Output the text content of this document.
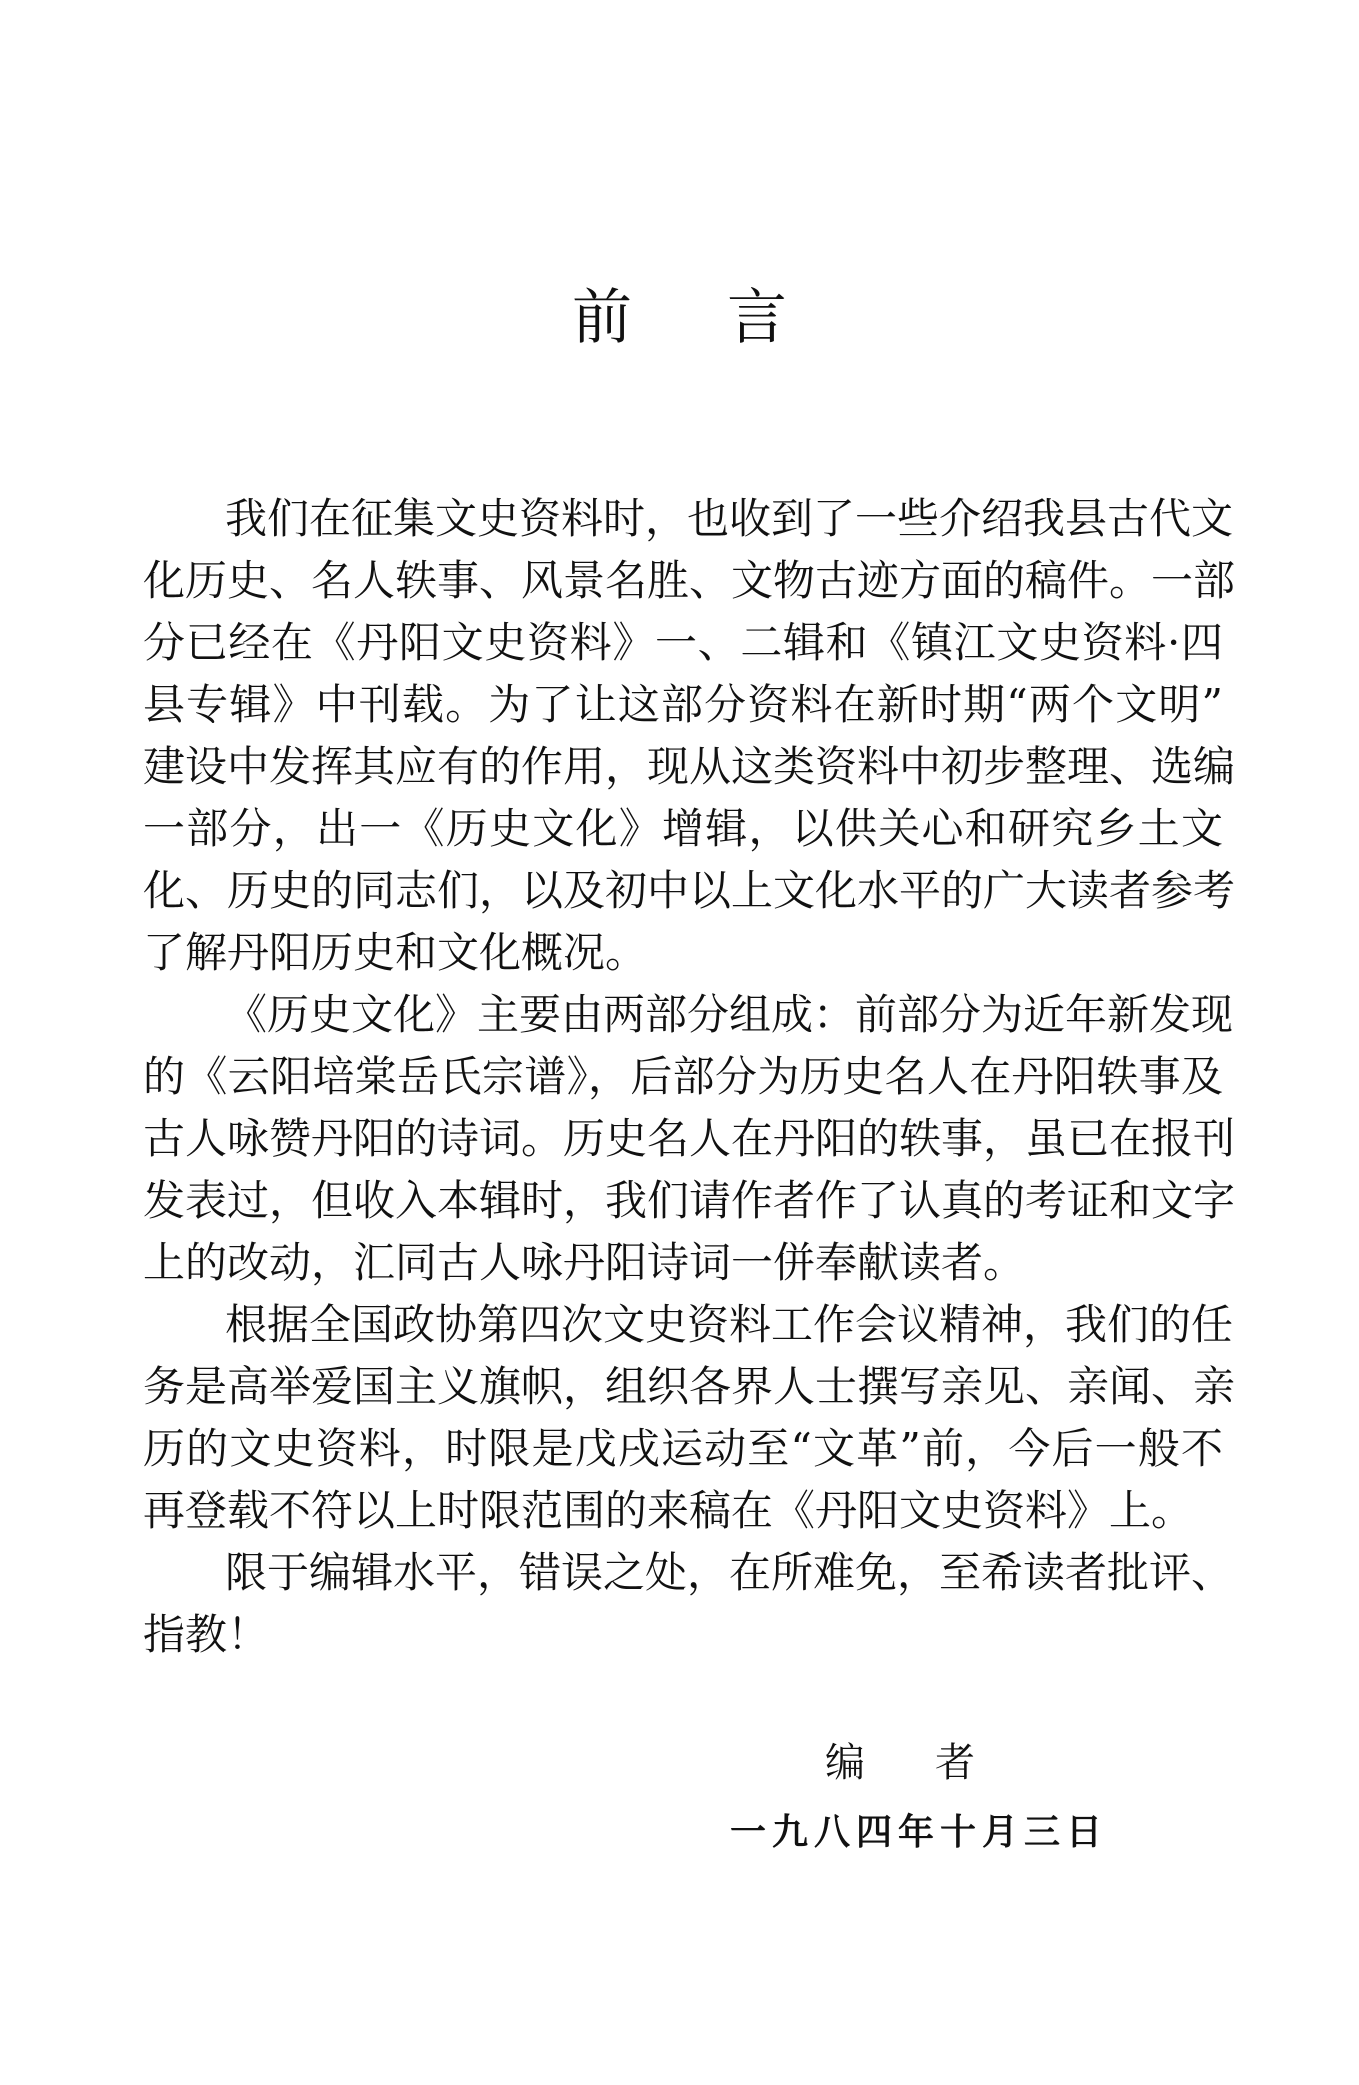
前言
我们在征集文史资料时，也收到了一些介绍我县古代文
化历史、名人轶事、风景名胜、文物古迹方面的稿件。一部
分已经在《丹阳文史资料》一、二辑和《镇江文史资料·四
县专辑》中刊载。为了让这部分资料在新时期“两个文明”
建设中发挥其应有的作用，现从这类资料中初步整理、选编
一部分，出一《历史文化》增辑，以供关心和研究乡土文
化、历史的同志们，以及初中以上文化水平的广大读者参考
了解丹阳历史和文化概况。
《历史文化》主要由两部分组成：前部分为近年新发现
的《云阳培棠岳氏宗谱》，后部分为历史名人在丹阳轶事及
古人咏赞丹阳的诗词。历史名人在丹阳的轶事，虽已在报刊
发表过，但收入本辑时，我们请作者作了认真的考证和文字
上的改动，汇同古人咏丹阳诗词一併奉献读者。
根据全国政协第四次文史资料工作会议精神，我们的任
务是高举爱国主义旗帜，组织各界人士撰写亲见、亲闻、亲
历的文史资料，时限是戊戌运动至“文革”前，今后一般不
再登载不符以上时限范围的来稿在《丹阳文史资料》上。
限于编辑水平，错误之处，在所难免，至希读者批评、
指教！
编者
一九八四年十月三日
